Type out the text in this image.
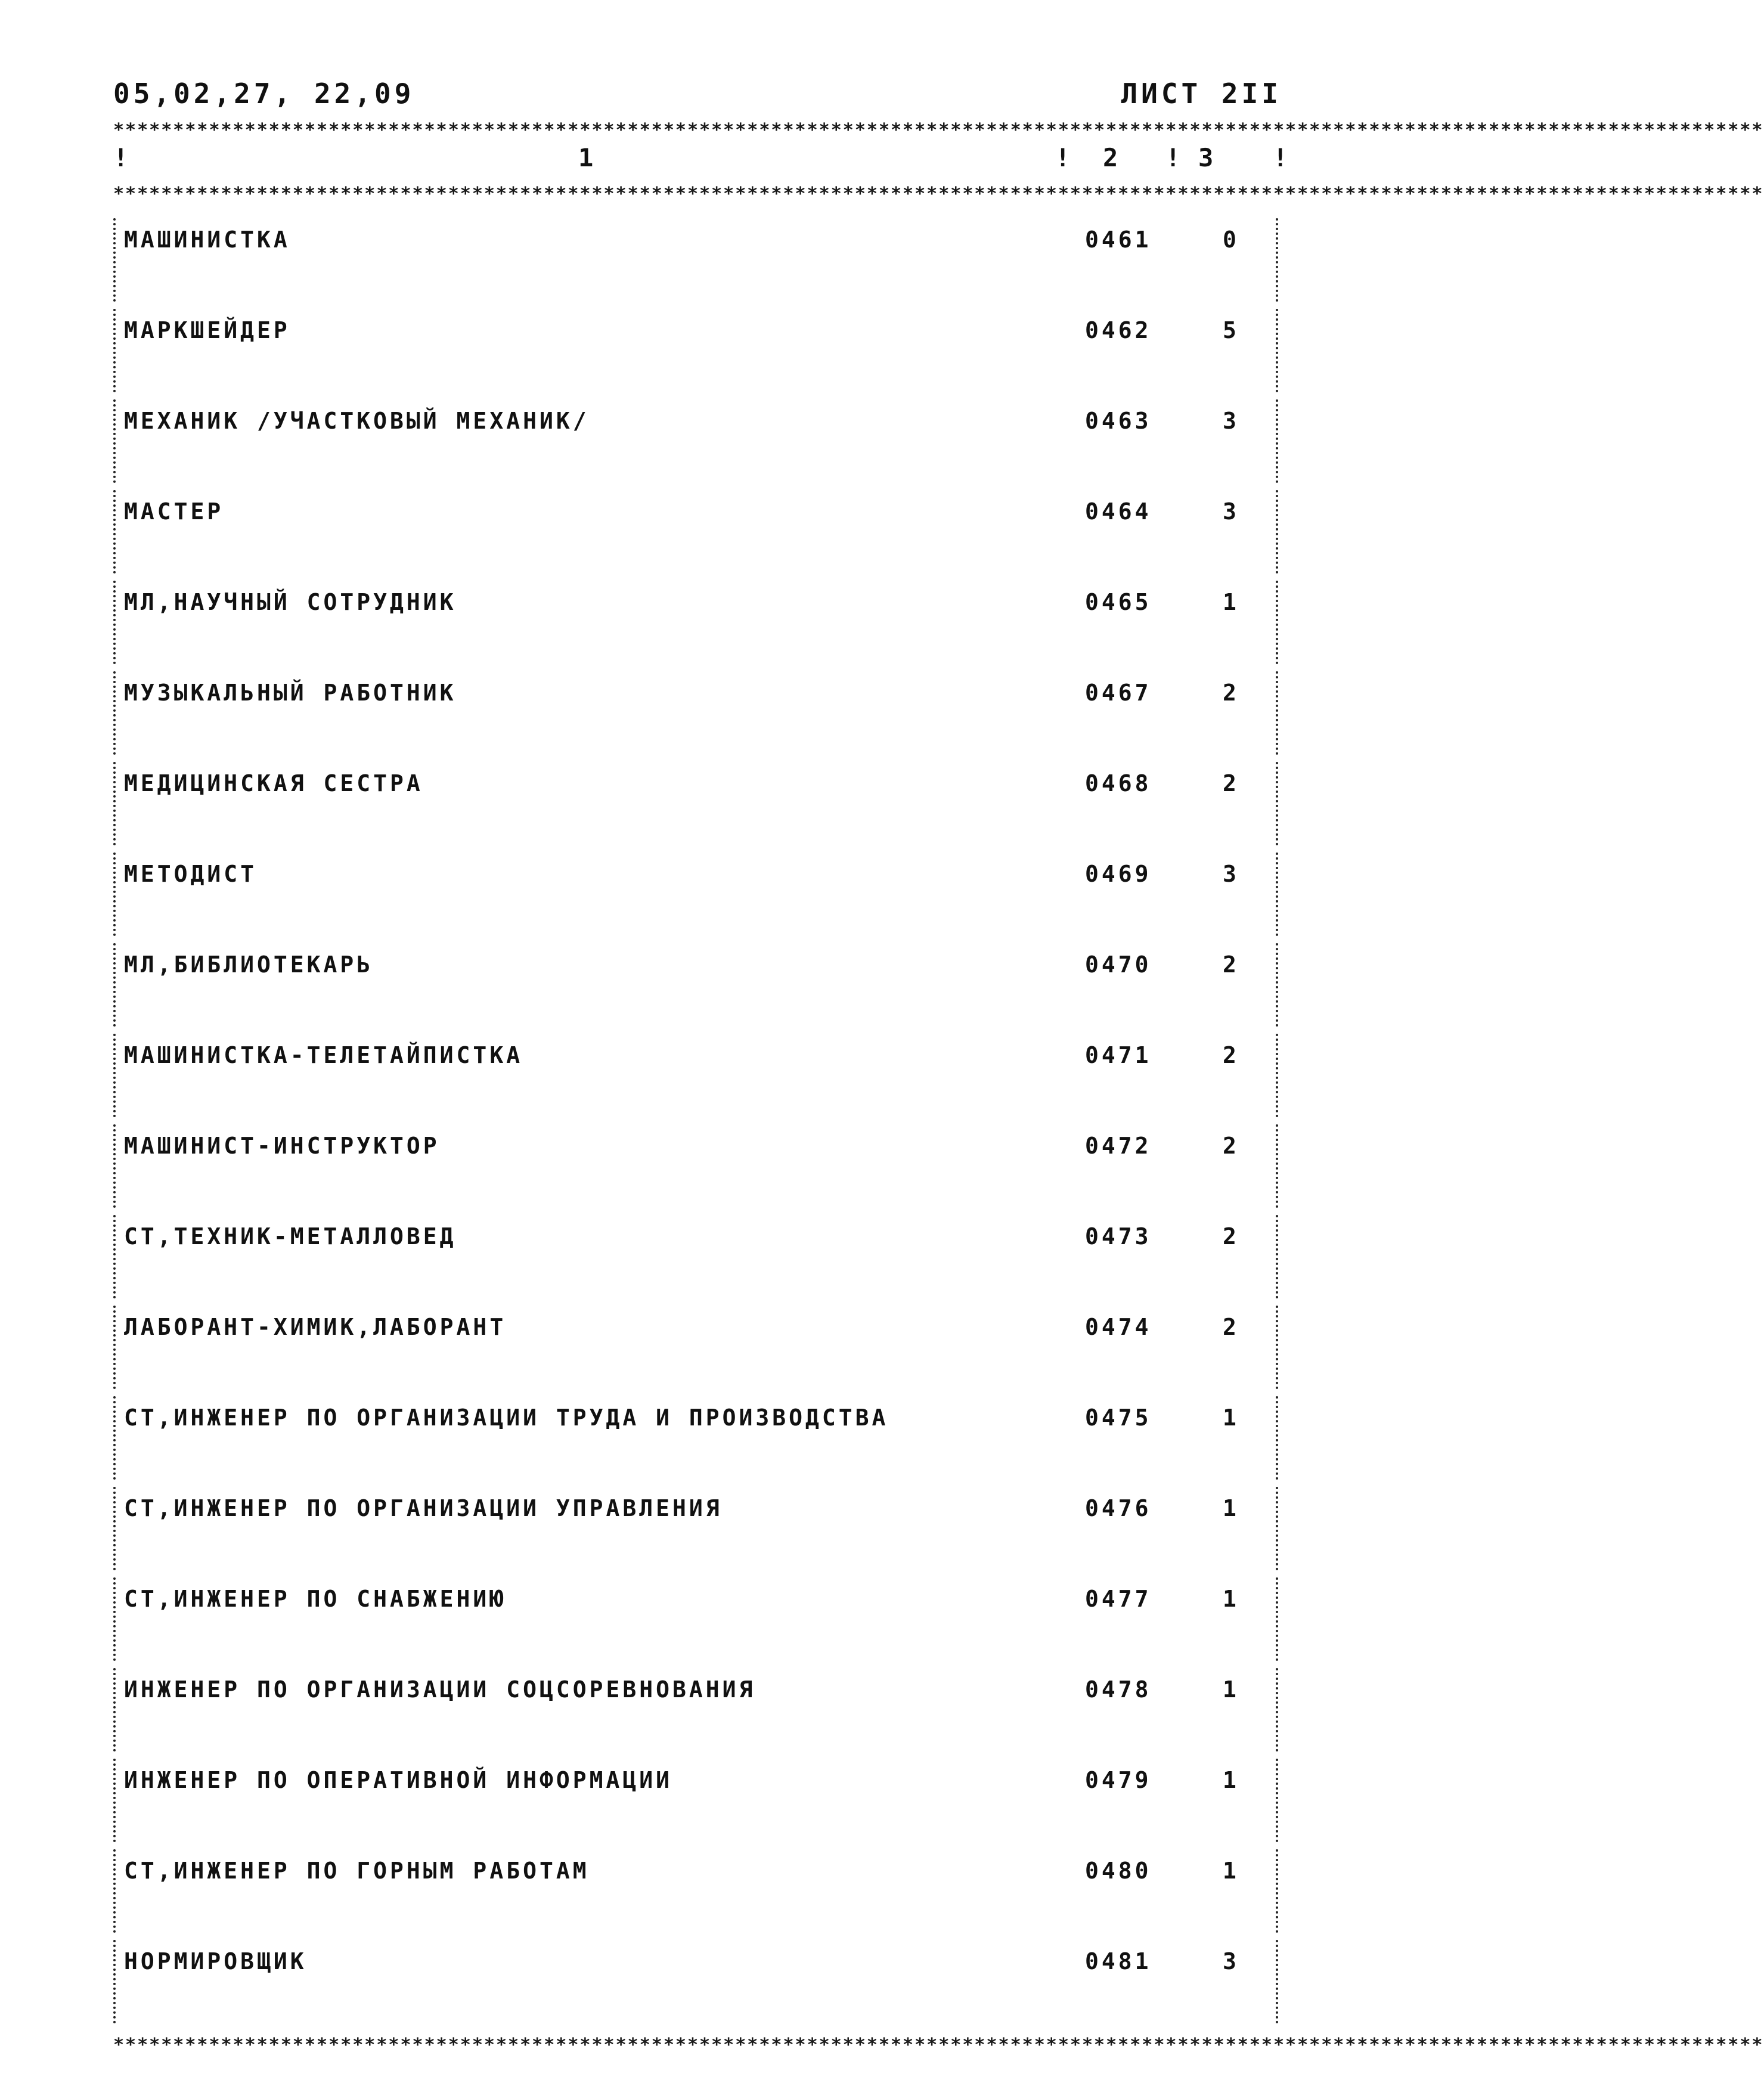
05,02,27, 22,09	ЛИСТ 2II
******************************************************************************************************************************************
!	1	! 2 ! 3 !
******************************************************************************************************************************************
МАШИНИСТКА	0461	0
МАРКШЕЙДЕР	0462	5
МЕХАНИК /УЧАСТКОВЫЙ МЕХАНИК/	0463	3
МАСТЕР	0464	3
МЛ,НАУЧНЫЙ СОТРУДНИК	0465	1
МУЗЫКАЛЬНЫЙ РАБОТНИК	0467	2
МЕДИЦИНСКАЯ СЕСТРА	0468	2
МЕТОДИСТ	0469	3
МЛ,БИБЛИОТЕКАРЬ	0470	2
МАШИНИСТКА-ТЕЛЕТАЙПИСТКА	0471	2
МАШИНИСТ-ИНСТРУКТОР	0472	2
СТ,ТЕХНИК-МЕТАЛЛОВЕД	0473	2
ЛАБОРАНТ-ХИМИК,ЛАБОРАНТ	0474	2
СТ,ИНЖЕНЕР ПО ОРГАНИЗАЦИИ ТРУДА И ПРОИЗВОДСТВА	0475	1
СТ,ИНЖЕНЕР ПО ОРГАНИЗАЦИИ УПРАВЛЕНИЯ	0476	1
СТ,ИНЖЕНЕР ПО СНАБЖЕНИЮ	0477	1
ИНЖЕНЕР ПО ОРГАНИЗАЦИИ СОЦСОРЕВНОВАНИЯ	0478	1
ИНЖЕНЕР ПО ОПЕРАТИВНОЙ ИНФОРМАЦИИ	0479	1
СТ,ИНЖЕНЕР ПО ГОРНЫМ РАБОТАМ	0480	1
НОРМИРОВЩИК	0481	3
******************************************************************************************************************************************
